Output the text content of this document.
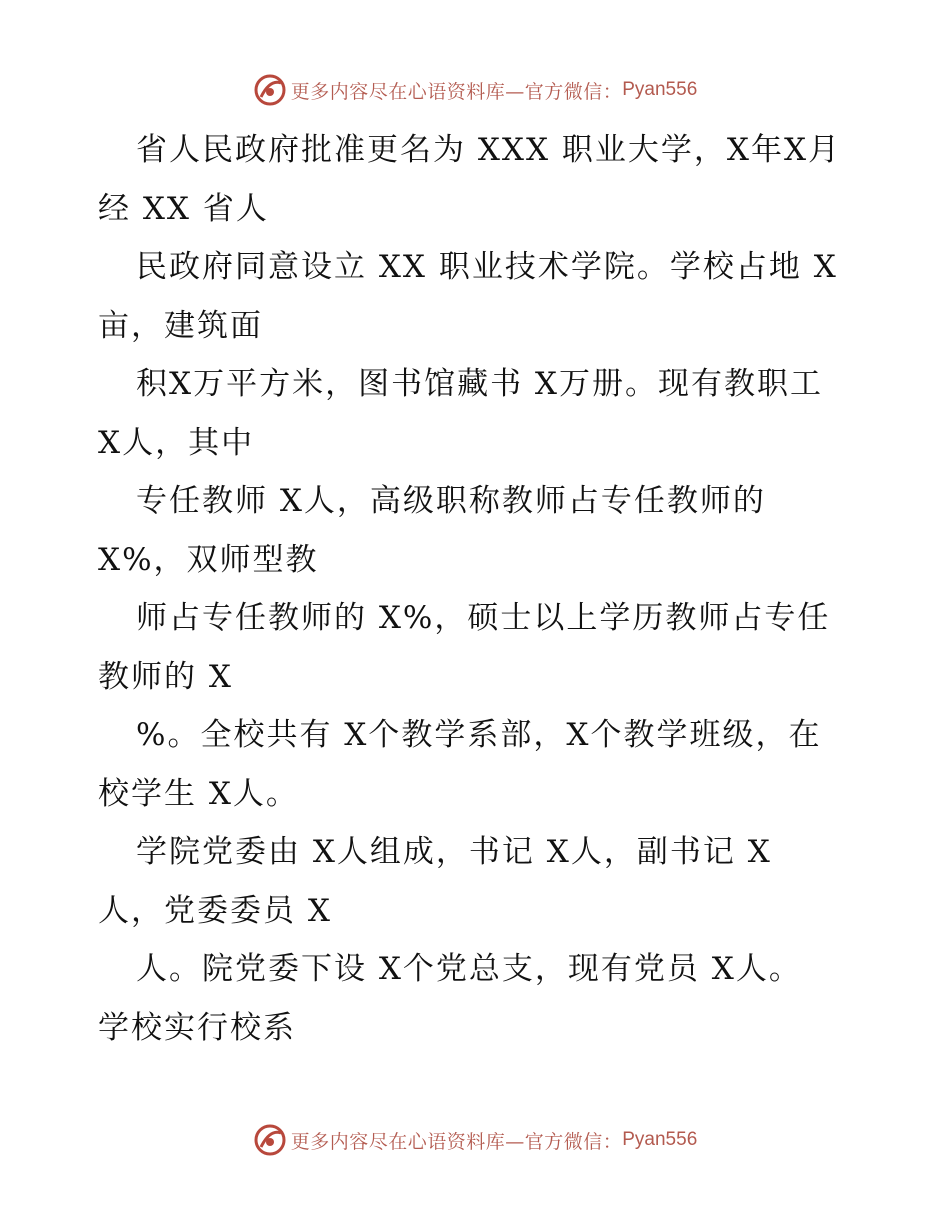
更多内容尽在心语资料库—官方微信： Pyan556
省人民政府批准更名为 XXX 职业大学，X年X月
经 XX 省人
民政府同意设立 XX 职业技术学院。学校占地 X
亩，建筑面
积X万平方米，图书馆藏书 X万册。现有教职工
X人，其中
专任教师 X人，高级职称教师占专任教师的
X%，双师型教
师占专任教师的 X%，硕士以上学历教师占专任
教师的 X
%。全校共有 X个教学系部，X个教学班级，在
校学生 X人。
学院党委由 X人组成，书记 X人，副书记 X
人，党委委员 X
人。院党委下设 X个党总支，现有党员 X人。
学校实行校系
更多内容尽在心语资料库—官方微信： Pyan556
